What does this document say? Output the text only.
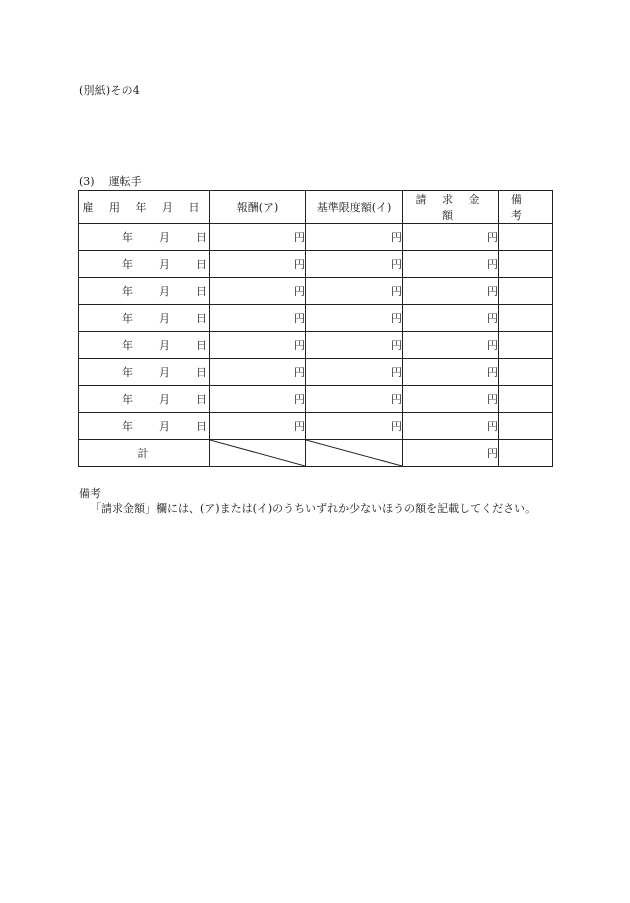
(別紙)その4
(3) 運転手
雇 用 年 月 日	報酬(ア)	基準限度額(イ)	請 求 金 額	備 考

年 月 日	円	円	円	

年 月 日	円	円	円	

年 月 日	円	円	円	

年 月 日	円	円	円	

年 月 日	円	円	円	

年 月 日	円	円	円	

年 月 日	円	円	円	

年 月 日	円	円	円	
計			円	
備考
「請求金額」欄には、(ア)または(イ)のうちいずれか少ないほうの額を記載してください。
